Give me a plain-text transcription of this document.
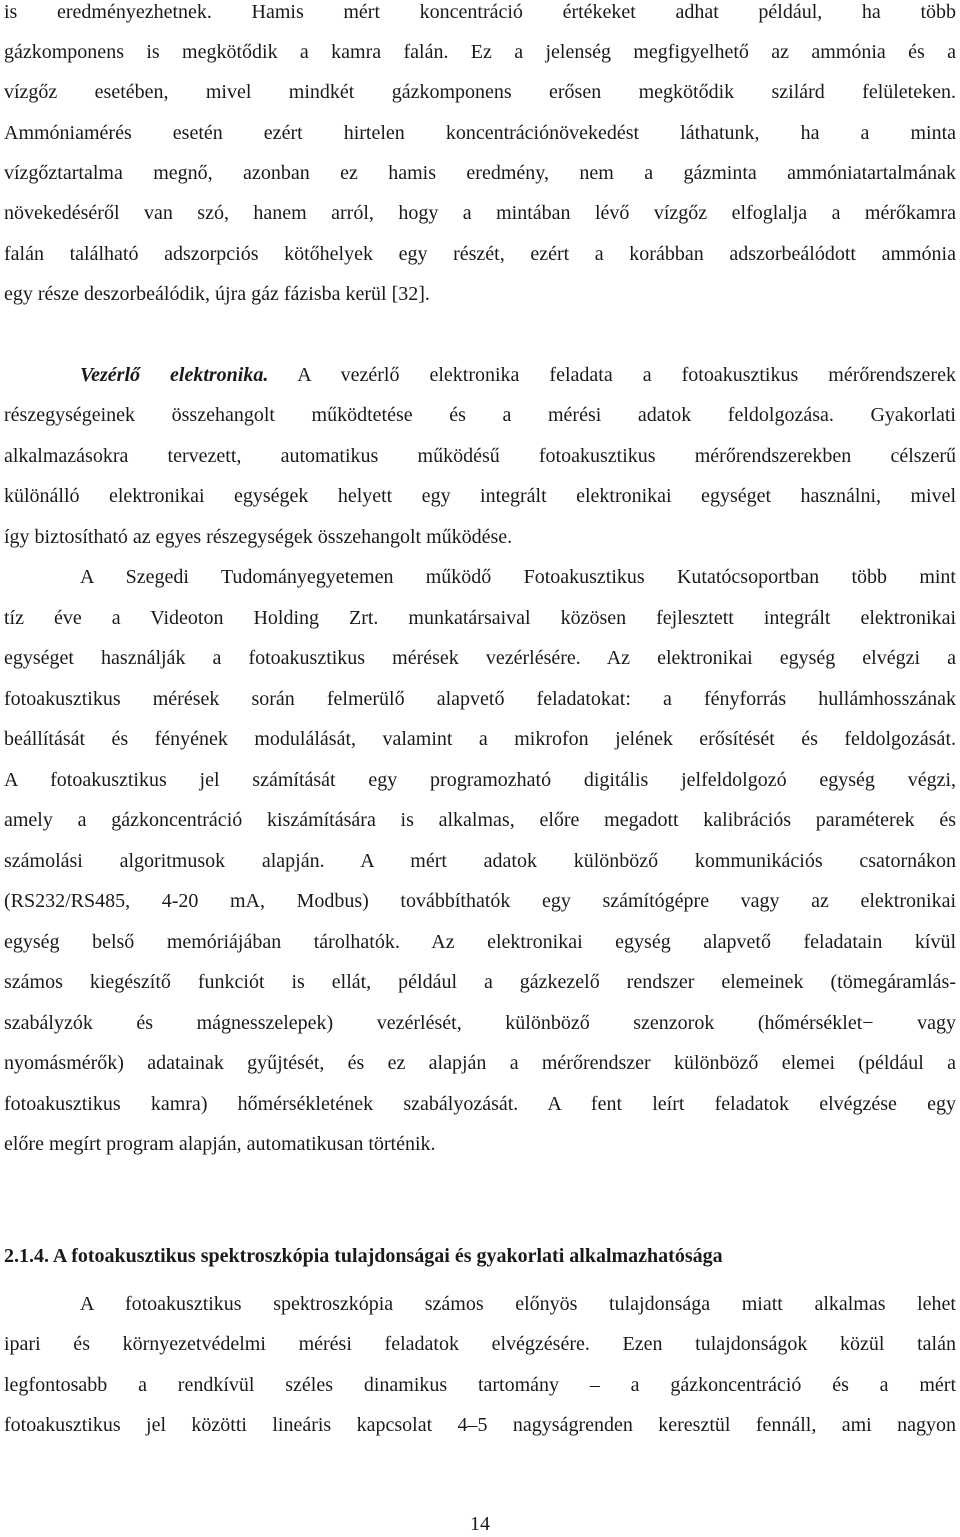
is eredményezhetnek. Hamis mért koncentráció értékeket adhat például, ha több
gázkomponens is megkötődik a kamra falán. Ez a jelenség megfigyelhető az ammónia és a
vízgőz esetében, mivel mindkét gázkomponens erősen megkötődik szilárd felületeken.
Ammóniamérés esetén ezért hirtelen koncentrációnövekedést láthatunk, ha a minta
vízgőztartalma megnő, azonban ez hamis eredmény, nem a gázminta ammóniatartalmának
növekedéséről van szó, hanem arról, hogy a mintában lévő vízgőz elfoglalja a mérőkamra
falán található adszorpciós kötőhelyek egy részét, ezért a korábban adszorbeálódott ammónia
egy része deszorbeálódik, újra gáz fázisba kerül [32].
Vezérlő elektronika. A vezérlő elektronika feladata a fotoakusztikus mérőrendszerek
részegységeinek összehangolt működtetése és a mérési adatok feldolgozása. Gyakorlati
alkalmazásokra tervezett, automatikus működésű fotoakusztikus mérőrendszerekben célszerű
különálló elektronikai egységek helyett egy integrált elektronikai egységet használni, mivel
így biztosítható az egyes részegységek összehangolt működése.
A Szegedi Tudományegyetemen működő Fotoakusztikus Kutatócsoportban több mint
tíz éve a Videoton Holding Zrt. munkatársaival közösen fejlesztett integrált elektronikai
egységet használják a fotoakusztikus mérések vezérlésére. Az elektronikai egység elvégzi a
fotoakusztikus mérések során felmerülő alapvető feladatokat: a fényforrás hullámhosszának
beállítását és fényének modulálását, valamint a mikrofon jelének erősítését és feldolgozását.
A fotoakusztikus jel számítását egy programozható digitális jelfeldolgozó egység végzi,
amely a gázkoncentráció kiszámítására is alkalmas, előre megadott kalibrációs paraméterek és
számolási algoritmusok alapján. A mért adatok különböző kommunikációs csatornákon
(RS232/RS485, 4-20 mA, Modbus) továbbíthatók egy számítógépre vagy az elektronikai
egység belső memóriájában tárolhatók. Az elektronikai egység alapvető feladatain kívül
számos kiegészítő funkciót is ellát, például a gázkezelő rendszer elemeinek (tömegáramlás-
szabályzók és mágnesszelepek) vezérlését, különböző szenzorok (hőmérséklet− vagy
nyomásmérők) adatainak gyűjtését, és ez alapján a mérőrendszer különböző elemei (például a
fotoakusztikus kamra) hőmérsékletének szabályozását. A fent leírt feladatok elvégzése egy
előre megírt program alapján, automatikusan történik.
2.1.4. A fotoakusztikus spektroszkópia tulajdonságai és gyakorlati alkalmazhatósága
A fotoakusztikus spektroszkópia számos előnyös tulajdonsága miatt alkalmas lehet
ipari és környezetvédelmi mérési feladatok elvégzésére. Ezen tulajdonságok közül talán
legfontosabb a rendkívül széles dinamikus tartomány – a gázkoncentráció és a mért
fotoakusztikus jel közötti lineáris kapcsolat 4–5 nagyságrenden keresztül fennáll, ami nagyon
14
